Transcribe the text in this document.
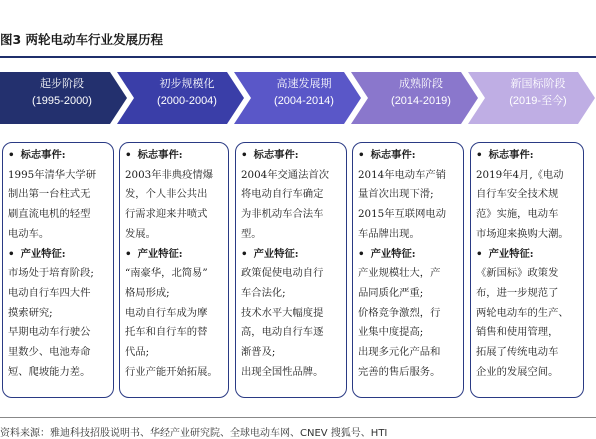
图3 两轮电动车行业发展历程
起步阶段
(1995-2000)
初步规模化
(2000-2004)
高速发展期
(2004-2014)
成熟阶段
(2014-2019)
新国标阶段
(2019-至今)
• 标志事件:
1995年清华大学研
制出第一台柱式无
刷直流电机的轻型
电动车。
• 产业特征:
市场处于培育阶段;
电动自行车四大件
摸索研究;
早期电动车行驶公
里数少、电池寿命
短、爬坡能力差。
• 标志事件:
2003年非典疫情爆
发，个人非公共出
行需求迎来井喷式
发展。
• 产业特征:
“南豪华，北简易”
格局形成;
电动自行车成为摩
托车和自行车的替
代品;
行业产能开始拓展。
• 标志事件:
2004年交通法首次
将电动自行车确定
为非机动车合法车
型。
• 产业特征:
政策促使电动自行
车合法化;
技术水平大幅度提
高，电动自行车逐
渐普及;
出现全国性品牌。
• 标志事件:
2014年电动车产销
量首次出现下滑;
2015年互联网电动
车品牌出现。
• 产业特征:
产业规模壮大，产
品同质化严重;
价格竞争激烈，行
业集中度提高;
出现多元化产品和
完善的售后服务。
• 标志事件:
2019年4月,《电动
自行车安全技术规
范》实施，电动车
市场迎来换购大潮。
• 产业特征:
《新国标》政策发
布，进一步规范了
两轮电动车的生产、
销售和使用管理，
拓展了传统电动车
企业的发展空间。
资料来源：雅迪科技招股说明书、华经产业研究院、全球电动车网、CNEV 搜狐号、HTI
